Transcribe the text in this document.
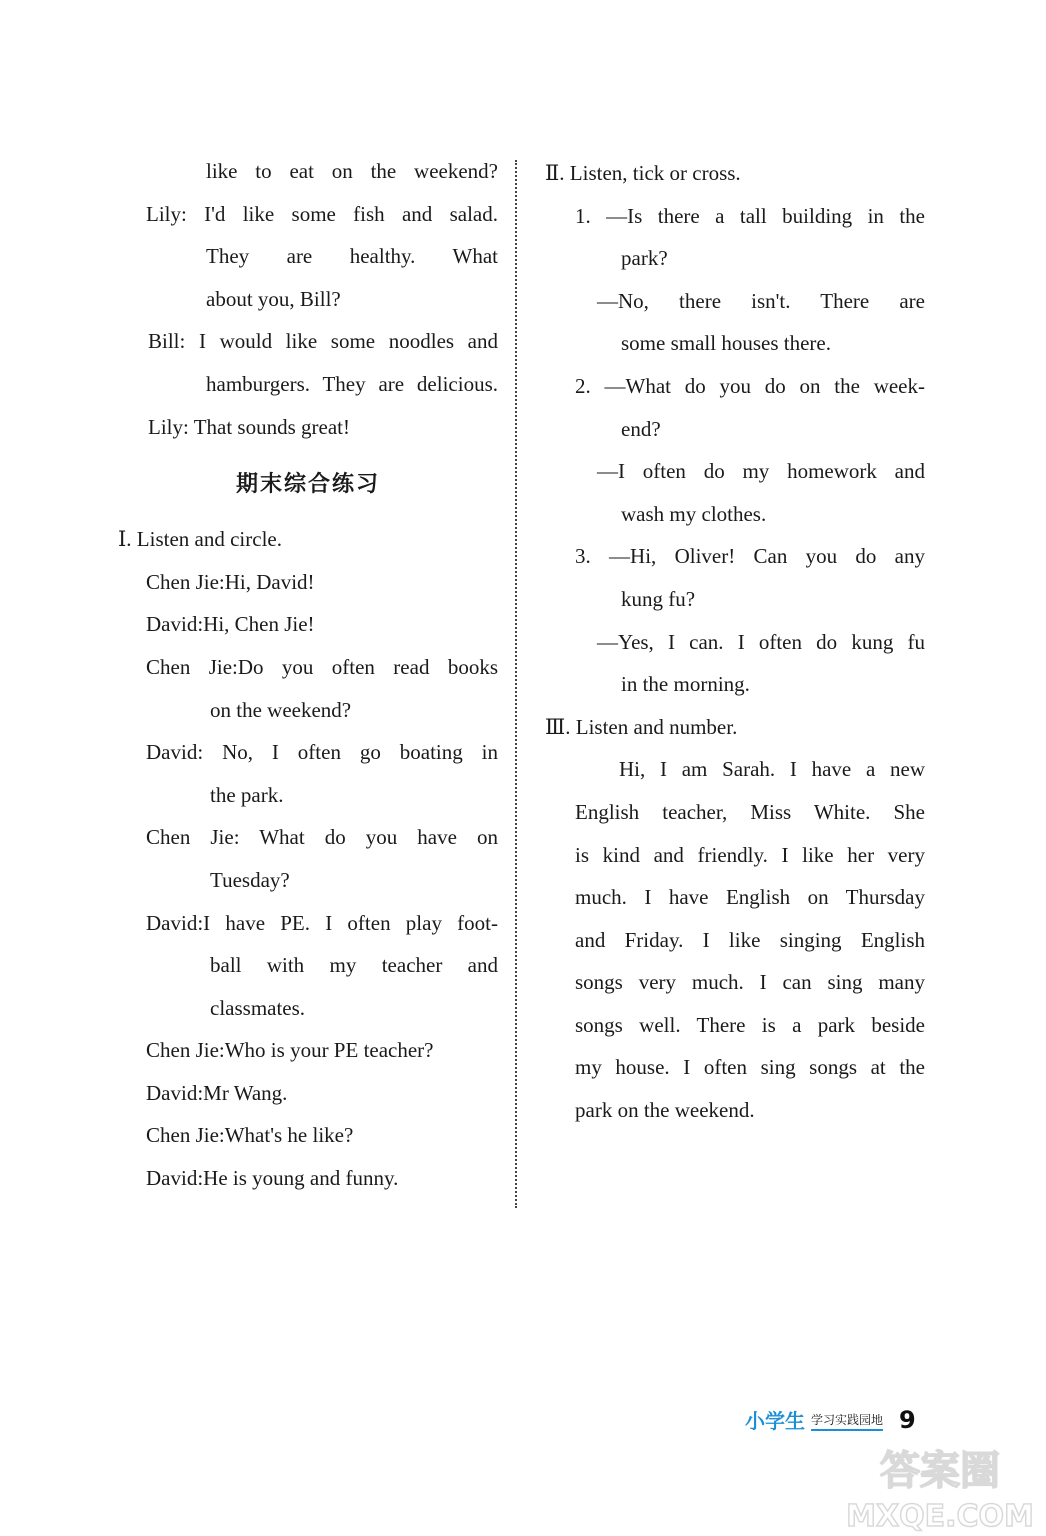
like to eat on the weekend?
Lily: I'd like some fish and salad.
They are healthy. What
about you, Bill?
Bill: I would like some noodles and
hamburgers. They are delicious.
Lily: That sounds great!
期末综合练习
Ⅰ. Listen and circle.
Chen Jie:Hi, David!
David:Hi, Chen Jie!
Chen Jie:Do you often read books
on the weekend?
David: No, I often go boating in
the park.
Chen Jie: What do you have on
Tuesday?
David:I have PE. I often play foot-
ball with my teacher and
classmates.
Chen Jie:Who is your PE teacher?
David:Mr Wang.
Chen Jie:What's he like?
David:He is young and funny.
Ⅱ. Listen, tick or cross.
1. —Is there a tall building in the
park?
—No, there isn't. There are
some small houses there.
2. —What do you do on the week-
end?
—I often do my homework and
wash my clothes.
3. —Hi, Oliver! Can you do any
kung fu?
—Yes, I can. I often do kung fu
in the morning.
Ⅲ. Listen and number.
Hi, I am Sarah. I have a new
English teacher, Miss White. She
is kind and friendly. I like her very
much. I have English on Thursday
and Friday. I like singing English
songs very much. I can sing many
songs well. There is a park beside
my house. I often sing songs at the
park on the weekend.
小学生 学习实践园地 9
答案圈
MXQE.COM
